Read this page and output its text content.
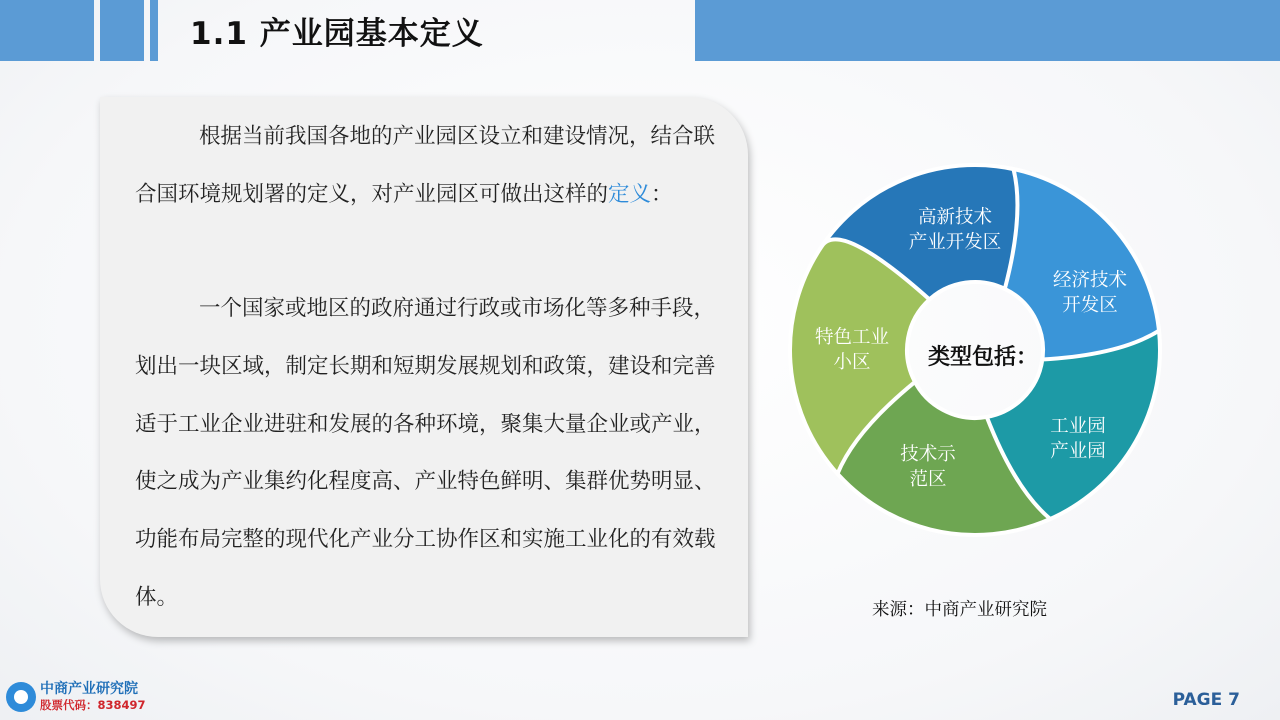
1.1 产业园基本定义

根据当前我国各地的产业园区设立和建设情况，结合联合国环境规划署的定义，对产业园区可做出这样的定义：

一个国家或地区的政府通过行政或市场化等多种手段，划出一块区域，制定长期和短期发展规划和政策，建设和完善适于工业企业进驻和发展的各种环境，聚集大量企业或产业，使之成为产业集约化程度高、产业特色鲜明、集群优势明显、功能布局完整的现代化产业分工协作区和实施工业化的有效载体。

高新技术
产业开发区
经济技术
开发区
工业园
产业园
技术示
范区
特色工业
小区	类型包括：
来源：中商产业研究院
中商产业研究院
股票代码：838497	PAGE 7
